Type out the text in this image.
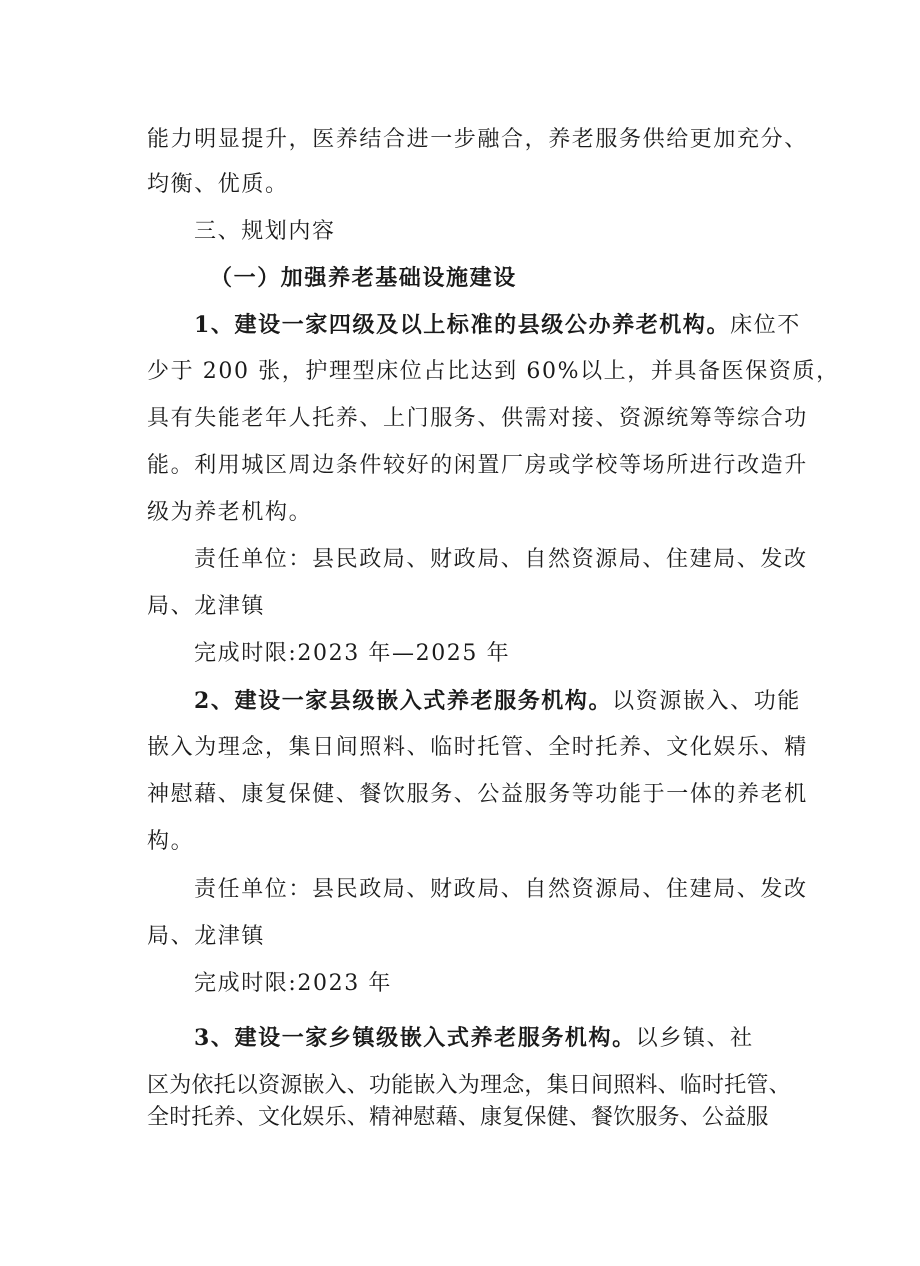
能力明显提升，医养结合进一步融合，养老服务供给更加充分、
均衡、优质。
三、规划内容
（一）加强养老基础设施建设
1、建设一家四级及以上标准的县级公办养老机构。床位不
少于 200 张，护理型床位占比达到 60%以上，并具备医保资质，
具有失能老年人托养、上门服务、供需对接、资源统筹等综合功
能。利用城区周边条件较好的闲置厂房或学校等场所进行改造升
级为养老机构。
责任单位：县民政局、财政局、自然资源局、住建局、发改
局、龙津镇
完成时限:2023 年—2025 年
2、建设一家县级嵌入式养老服务机构。以资源嵌入、功能
嵌入为理念，集日间照料、临时托管、全时托养、文化娱乐、精
神慰藉、康复保健、餐饮服务、公益服务等功能于一体的养老机
构。
责任单位：县民政局、财政局、自然资源局、住建局、发改
局、龙津镇
完成时限:2023 年
3、建设一家乡镇级嵌入式养老服务机构。以乡镇、社
区为依托以资源嵌入、功能嵌入为理念，集日间照料、临时托管、
全时托养、文化娱乐、精神慰藉、康复保健、餐饮服务、公益服
